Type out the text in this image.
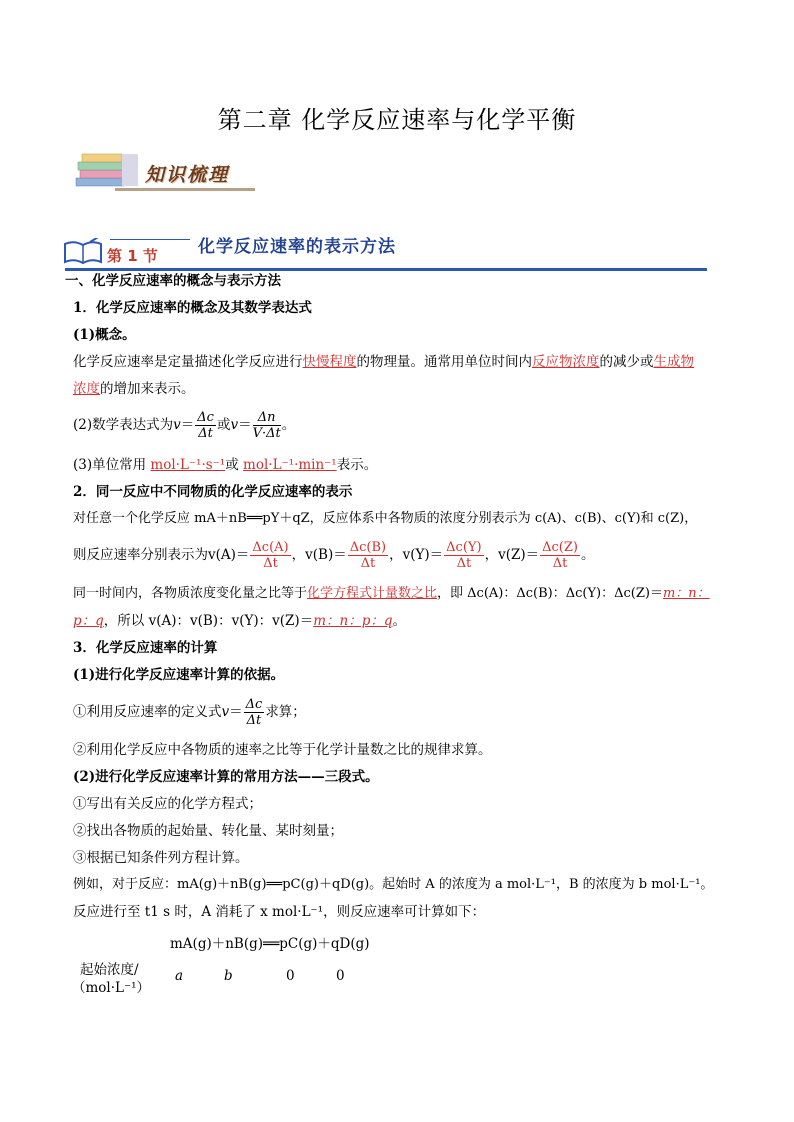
第二章 化学反应速率与化学平衡
知识梳理
第 1 节 化学反应速率的表示方法
一、化学反应速率的概念与表示方法
1．化学反应速率的概念及其数学表达式
(1)概念。
化学反应速率是定量描述化学反应进行快慢程度的物理量。通常用单位时间内反应物浓度的减少或生成物
浓度的增加来表示。
(2)数学表达式为$v= \frac{\Delta c}{\Delta t}$ 或$v= \frac{\Delta n}{V\cdot\Delta t}$ 。
(3)单位常用 mol·L⁻¹·s⁻¹或 mol·L⁻¹·min⁻¹表示。
2．同一反应中不同物质的化学反应速率的表示
对任意一个化学反应 mA＋nB══pY＋qZ，反应体系中各物质的浓度分别表示为 c(A)、c(B)、c(Y)和 c(Z)，
则反应速率分别表示为$v(A)= \frac{\Delta c(A)}{\Delta t}$ ，$v(B)= \frac{\Delta c(B)}{\Delta t}$ ，$v(Y)= \frac{\Delta c(Y)}{\Delta t}$ ，$v(Z)= \frac{\Delta c(Z)}{\Delta t}$ 。
同一时间内，各物质浓度变化量之比等于化学方程式计量数之比，即 Δc(A)：Δc(B)：Δc(Y)：Δc(Z)＝m：n：
p：q，所以 v(A)：v(B)：v(Y)：v(Z)＝m：n：p：q。
3．化学反应速率的计算
(1)进行化学反应速率计算的依据。
①利用反应速率的定义式$v= \frac{\Delta c}{\Delta t}$ 求算；
②利用化学反应中各物质的速率之比等于化学计量数之比的规律求算。
(2)进行化学反应速率计算的常用方法——三段式。
①写出有关反应的化学方程式；
②找出各物质的起始量、转化量、某时刻量；
③根据已知条件列方程计算。
例如，对于反应：mA(g)＋nB(g)══pC(g)＋qD(g)。起始时 A 的浓度为 a mol·L⁻¹，B 的浓度为 b mol·L⁻¹。
反应进行至 t1 s 时，A 消耗了 x mol·L⁻¹，则反应速率可计算如下：
mA(g)＋nB(g)══pC(g)＋qD(g)
起始浓度/
（mol·L⁻¹）
a	b	0	0
